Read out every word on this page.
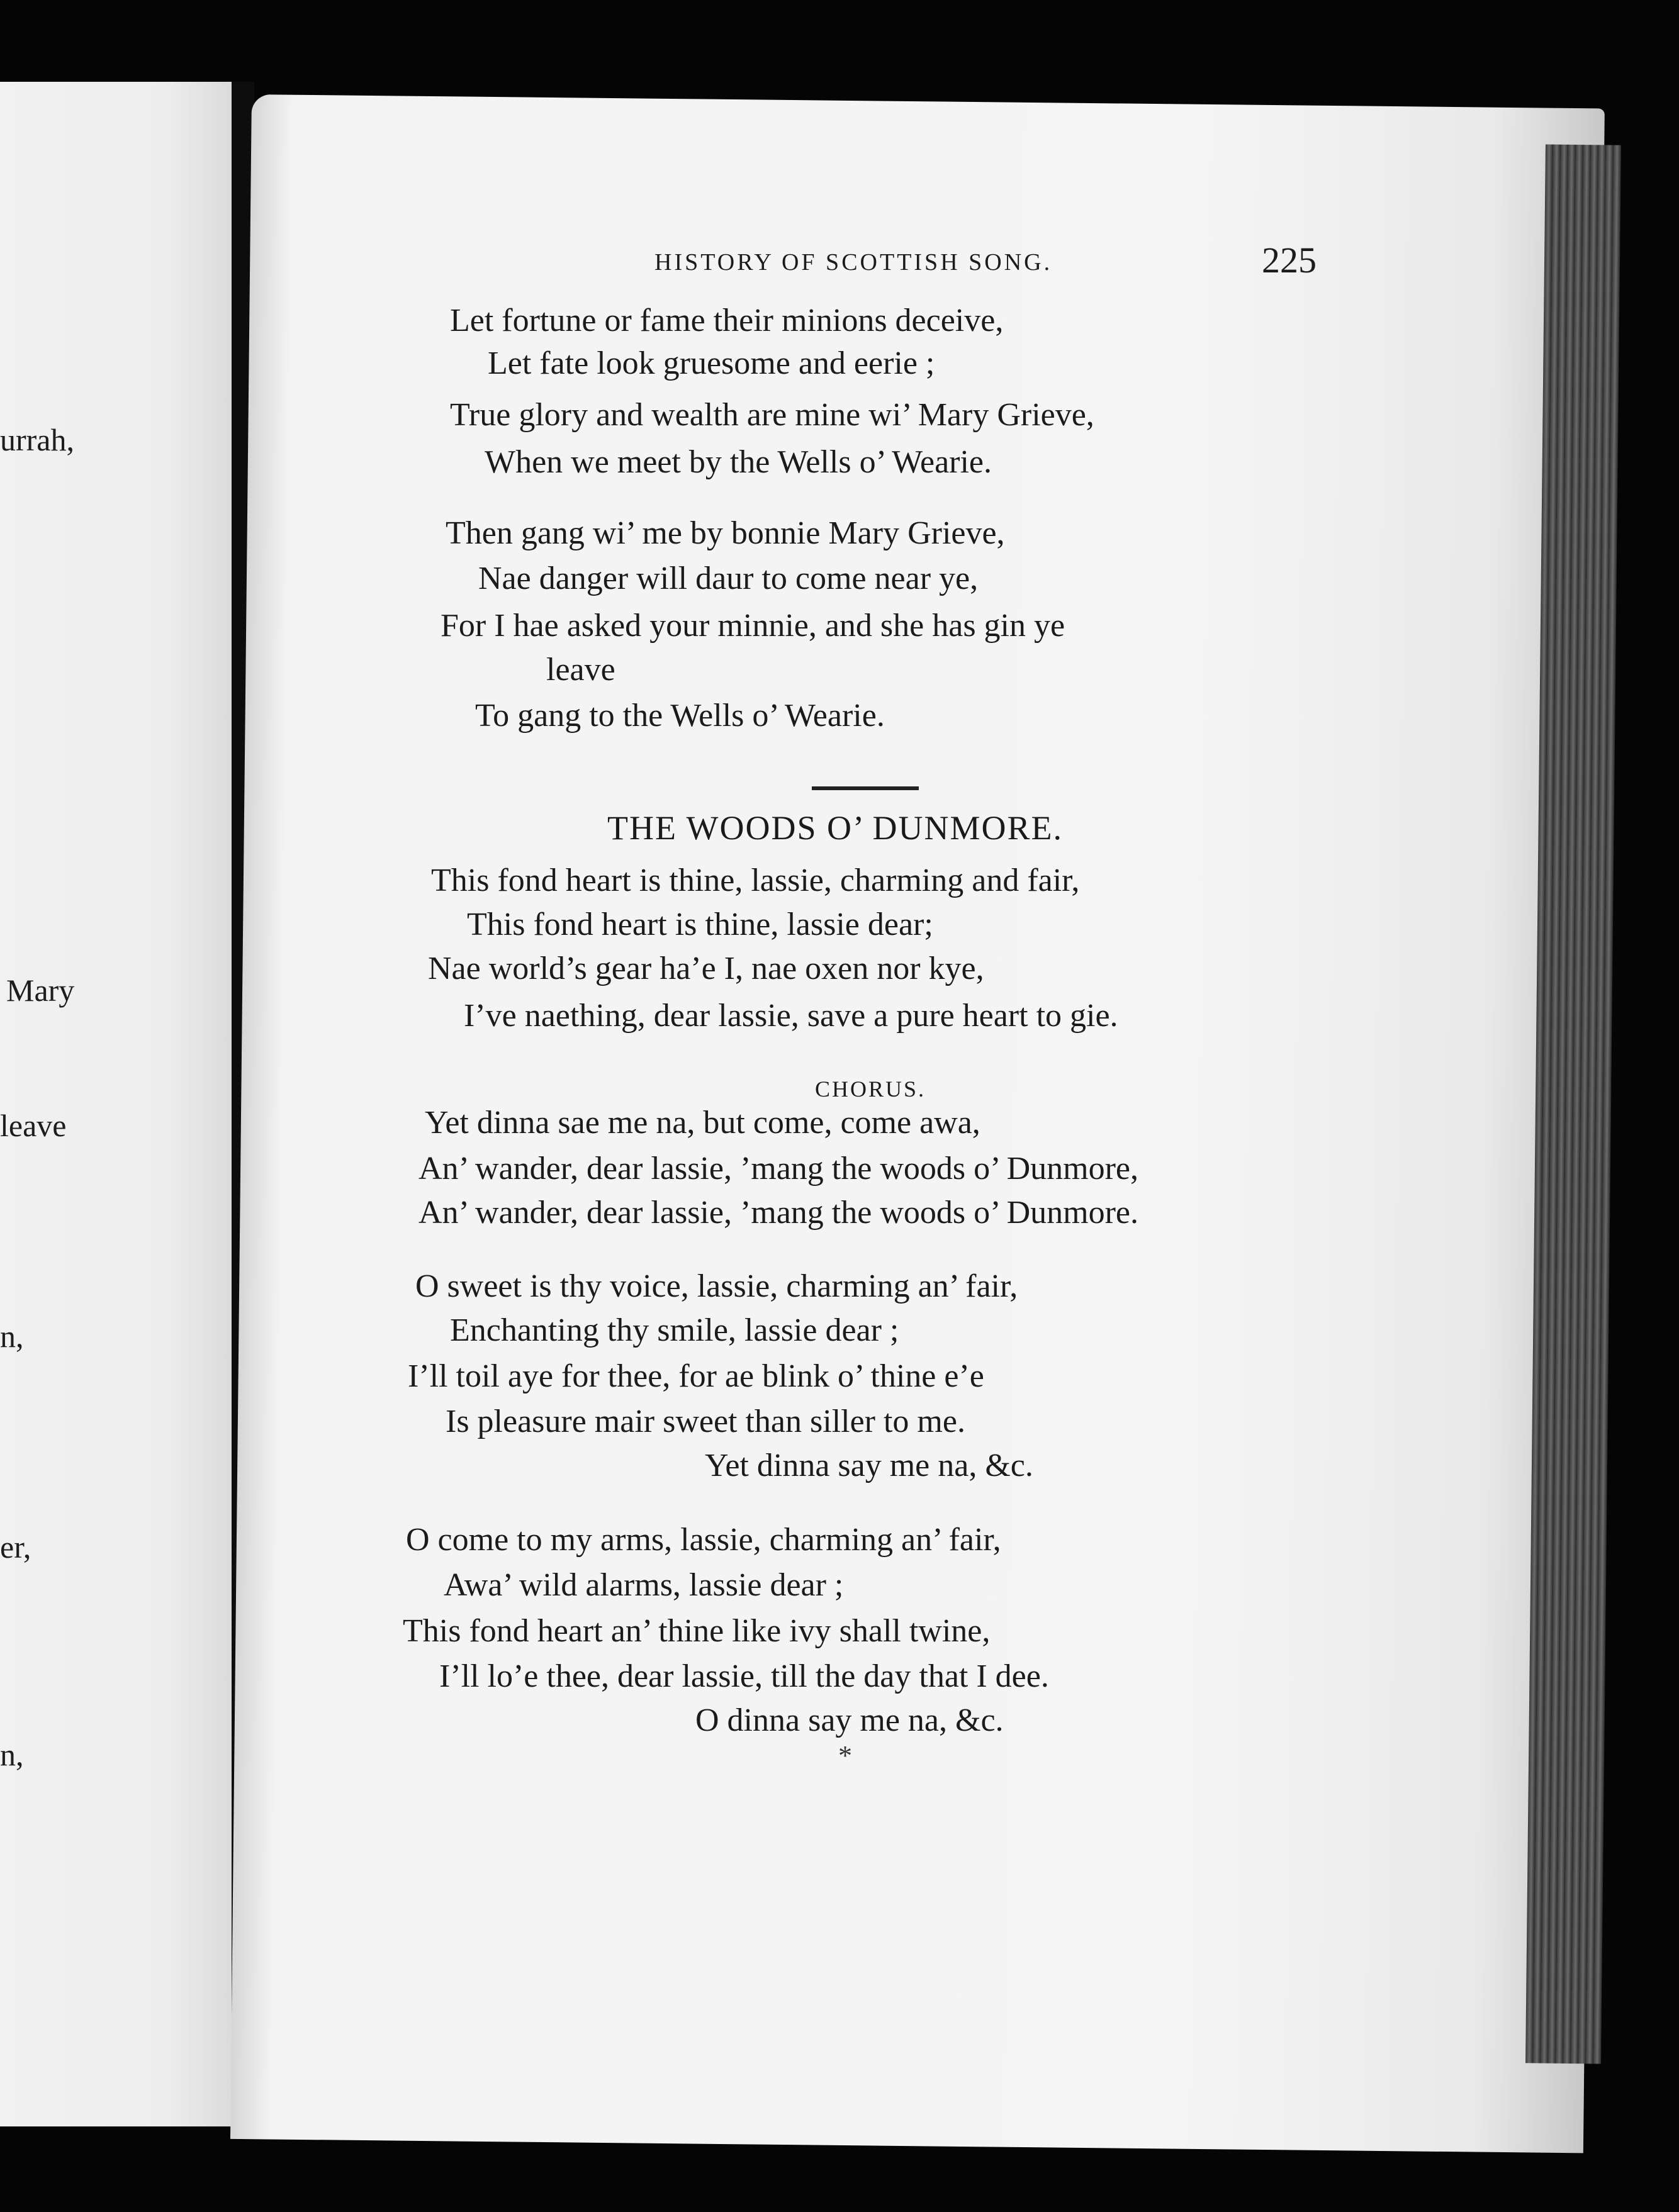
urrah,
Mary
leave
n,
er,
n,
HISTORY OF SCOTTISH SONG.	225
Let fortune or fame their minions deceive,
Let fate look gruesome and eerie ;
True glory and wealth are mine wi’ Mary Grieve,
When we meet by the Wells o’ Wearie.
Then gang wi’ me by bonnie Mary Grieve,
Nae danger will daur to come near ye,
For I hae asked your minnie, and she has gin ye
leave
To gang to the Wells o’ Wearie.
THE WOODS O’ DUNMORE.
This fond heart is thine, lassie, charming and fair,
This fond heart is thine, lassie dear;
Nae world’s gear ha’e I, nae oxen nor kye,
I’ve naething, dear lassie, save a pure heart to gie.
CHORUS.
Yet dinna sae me na, but come, come awa,
An’ wander, dear lassie, ’mang the woods o’ Dunmore,
An’ wander, dear lassie, ’mang the woods o’ Dunmore.
O sweet is thy voice, lassie, charming an’ fair,
Enchanting thy smile, lassie dear ;
I’ll toil aye for thee, for ae blink o’ thine e’e
Is pleasure mair sweet than siller to me.
Yet dinna say me na, &c.
O come to my arms, lassie, charming an’ fair,
Awa’ wild alarms, lassie dear ;
This fond heart an’ thine like ivy shall twine,
I’ll lo’e thee, dear lassie, till the day that I dee.
O dinna say me na, &c.
*
